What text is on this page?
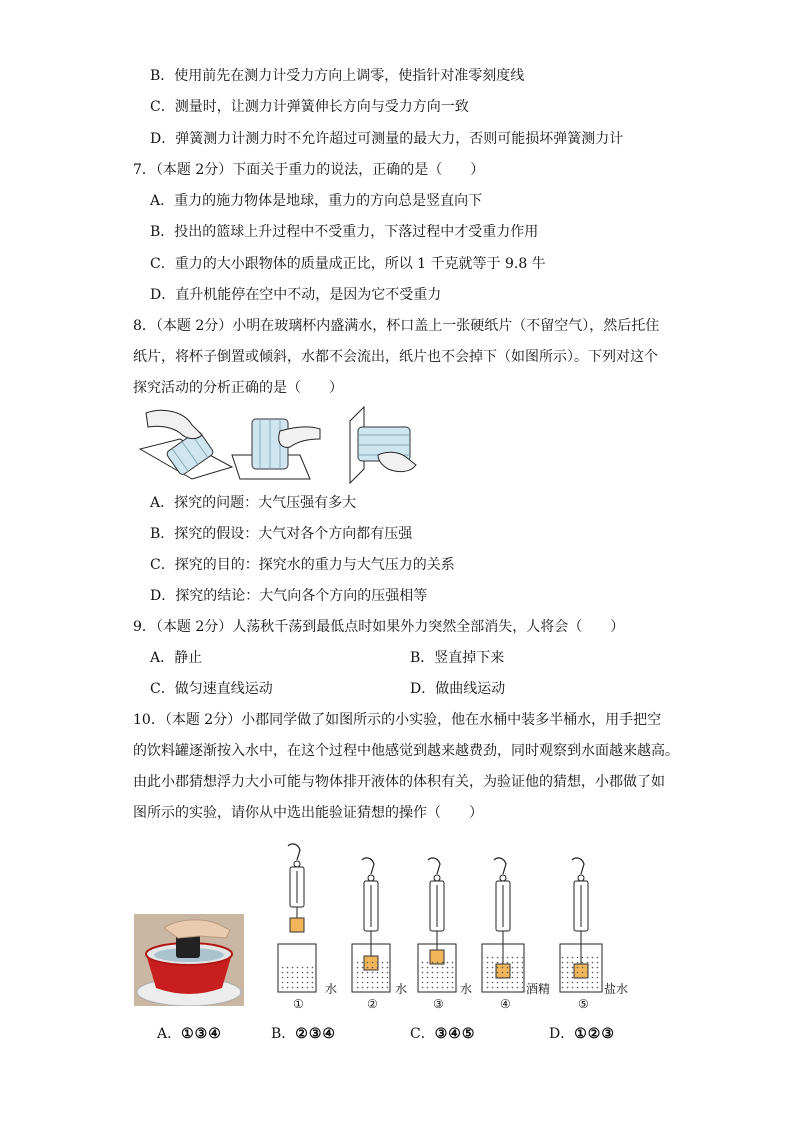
B．使用前先在测力计受力方向上调零，使指针对准零刻度线
C．测量时，让测力计弹簧伸长方向与受力方向一致
D．弹簧测力计测力时不允许超过可测量的最大力，否则可能损坏弹簧测力计
7．（本题 2分）下面关于重力的说法，正确的是（　　）
A．重力的施力物体是地球，重力的方向总是竖直向下
B．投出的篮球上升过程中不受重力，下落过程中才受重力作用
C．重力的大小跟物体的质量成正比，所以 1 千克就等于 9.8 牛
D．直升机能停在空中不动，是因为它不受重力
8．（本题 2分）小明在玻璃杯内盛满水，杯口盖上一张硬纸片（不留空气），然后托住
纸片，将杯子倒置或倾斜，水都不会流出，纸片也不会掉下（如图所示）。下列对这个
探究活动的分析正确的是（　　）
A．探究的问题：大气压强有多大
B．探究的假设：大气对各个方向都有压强
C．探究的目的：探究水的重力与大气压力的关系
D．探究的结论：大气向各个方向的压强相等
9．（本题 2分）人荡秋千荡到最低点时如果外力突然全部消失，人将会（　　）
A．静止	B．竖直掉下来
C．做匀速直线运动	D．做曲线运动
10．（本题 2分）小郡同学做了如图所示的小实验，他在水桶中装多半桶水，用手把空
的饮料罐逐渐按入水中，在这个过程中他感觉到越来越费劲，同时观察到水面越来越高。
由此小郡猜想浮力大小可能与物体排开液体的体积有关，为验证他的猜想，小郡做了如
图所示的实验，请你从中选出能验证猜想的操作（　　）
①
水
②
水
③
水
④
酒精
⑤
盐水
A．①③④	B．②③④	C．③④⑤	D．①②③
